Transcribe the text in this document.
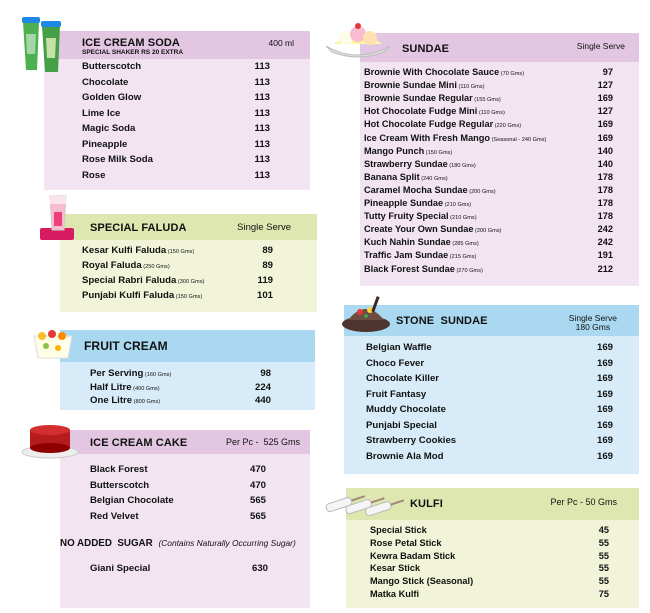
ICE CREAM SODA
SPECIAL SHAKER RS 20 EXTRA
400 ml
Butterscotch	113
Chocolate	113
Golden Glow	113
Lime Ice	113
Magic Soda	113
Pineapple	113
Rose Milk Soda	113
Rose	113
SPECIAL FALUDA	Single Serve
Kesar Kulfi Faluda (150 Gms)	89
Royal Faluda (250 Gms)	89
Special Rabri Faluda (300 Gms)	119
Punjabi Kulfi Faluda (150 Gms)	101
FRUIT CREAM
Per Serving (160 Gms)	98
Half Litre (400 Gms)	224
One Litre (800 Gms)	440
ICE CREAM CAKE	Per Pc -  525 Gms
Black Forest	470
Butterscotch	470
Belgian Chocolate	565
Red Velvet	565
NO ADDED  SUGAR (Contains Naturally Occurring Sugar)
Giani Special	630
SUNDAE	Single Serve
Brownie With Chocolate Sauce (70 Gms)	97
Brownie Sundae Mini (110 Gms)	127
Brownie Sundae Regular (155 Gms)	169
Hot Chocolate Fudge Mini (110 Gms)	127
Hot Chocolate Fudge Regular (220 Gms)	169
Ice Cream With Fresh Mango (Seasonal - 240 Gms)	169
Mango Punch (150 Gms)	140
Strawberry Sundae (180 Gms)	140
Banana Split (240 Gms)	178
Caramel Mocha Sundae (200 Gms)	178
Pineapple Sundae (210 Gms)	178
Tutty Fruity Special (210 Gms)	178
Create Your Own Sundae (200 Gms)	242
Kuch Nahin Sundae (285 Gms)	242
Traffic Jam Sundae (215 Gms)	191
Black Forest Sundae (270 Gms)	212
STONE  SUNDAE	Single Serve
180 Gms
Belgian Waffle	169
Choco Fever	169
Chocolate Killer	169
Fruit Fantasy	169
Muddy Chocolate	169
Punjabi Special	169
Strawberry Cookies	169
Brownie Ala Mod	169
KULFI	Per Pc - 50 Gms
Special Stick	45
Rose Petal Stick	55
Kewra Badam Stick	55
Kesar Stick	55
Mango Stick (Seasonal)	55
Matka Kulfi	75
